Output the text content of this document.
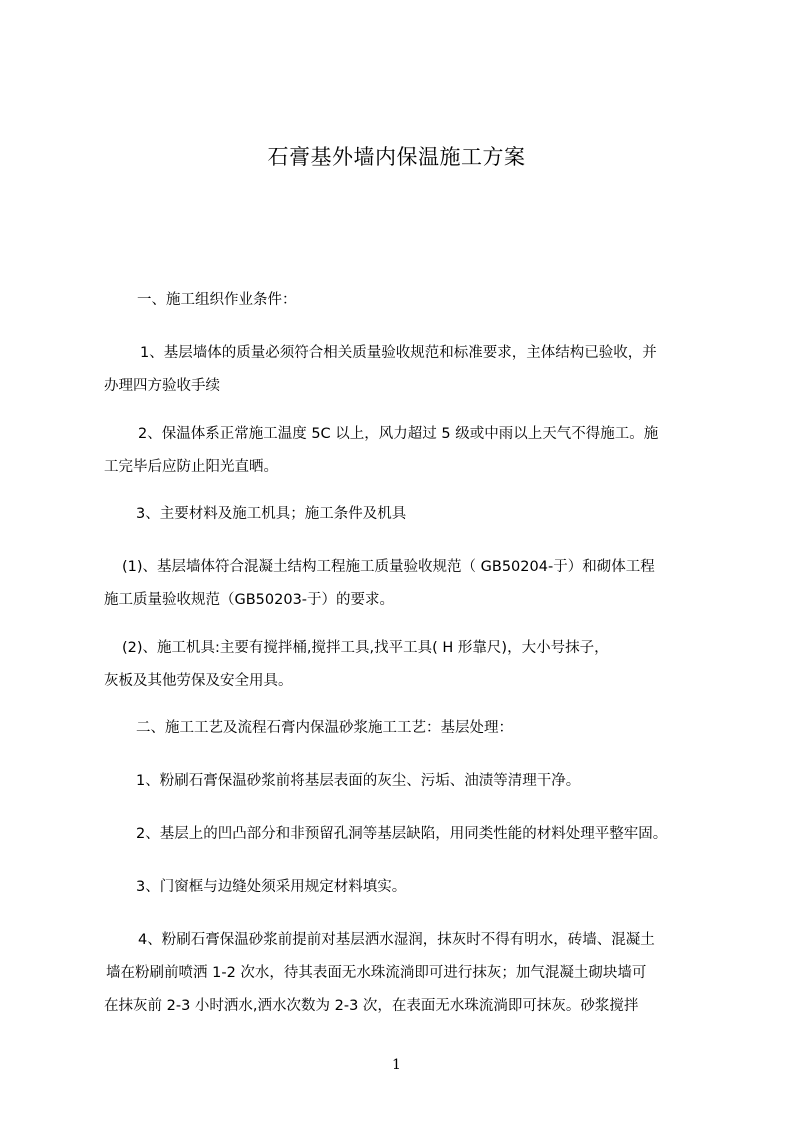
石膏基外墙内保温施工方案
一、施工组织作业条件：
1、基层墙体的质量必须符合相关质量验收规范和标准要求，主体结构已验收，并
办理四方验收手续
2、保温体系正常施工温度 5C 以上，风力超过 5 级或中雨以上天气不得施工。施
工完毕后应防止阳光直晒。
3、主要材料及施工机具；施工条件及机具
(1)、基层墙体符合混凝土结构工程施工质量验收规范（ GB50204-于）和砌体工程
施工质量验收规范（GB50203-于）的要求。
(2)、施工机具:主要有搅拌桶,搅拌工具,找平工具( H 形靠尺)，大小号抹子，
灰板及其他劳保及安全用具。
二、施工工艺及流程石膏内保温砂浆施工工艺：基层处理：
1、粉刷石膏保温砂浆前将基层表面的灰尘、污垢、油渍等清理干净。
2、基层上的凹凸部分和非预留孔洞等基层缺陷，用同类性能的材料处理平整牢固。
3、门窗框与边缝处须采用规定材料填实。
4、粉刷石膏保温砂浆前提前对基层洒水湿润，抹灰时不得有明水，砖墙、混凝土
墙在粉刷前喷洒 1-2 次水，待其表面无水珠流淌即可进行抹灰；加气混凝土砌块墙可
在抹灰前 2-3 小时洒水,洒水次数为 2-3 次，在表面无水珠流淌即可抹灰。砂浆搅拌
1
